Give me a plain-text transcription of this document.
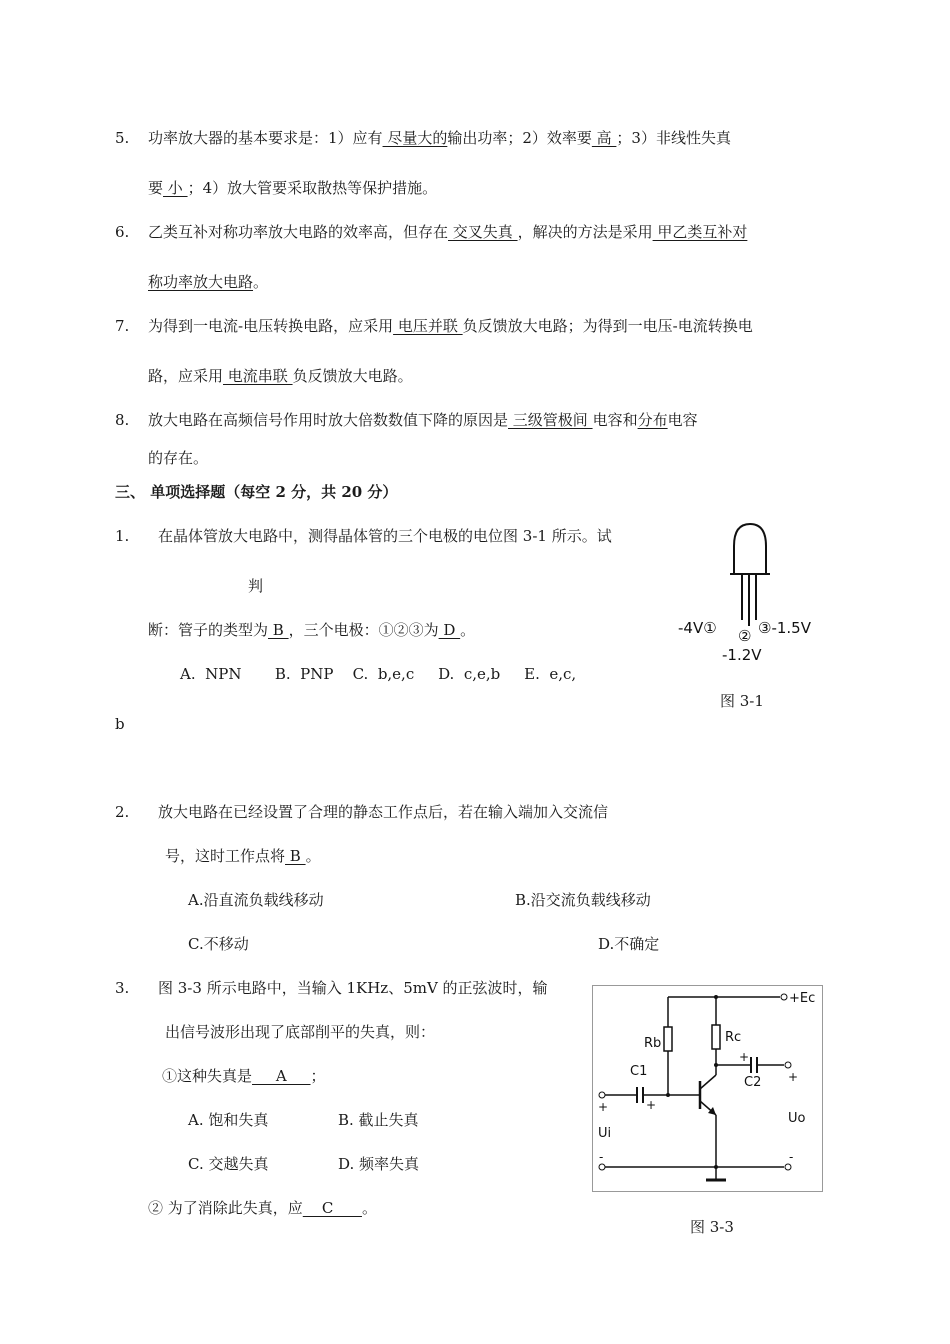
5. 功率放大器的基本要求是：1）应有 尽量大的输出功率；2）效率要 高 ；3）非线性失真
要 小 ；4）放大管要采取散热等保护措施。
6. 乙类互补对称功率放大电路的效率高，但存在 交叉失真 ，解决的方法是采用 甲乙类互补对
称功率放大电路。
7. 为得到一电流-电压转换电路，应采用 电压并联 负反馈放大电路；为得到一电压-电流转换电
路，应采用 电流串联 负反馈放大电路。
8. 放大电路在高频信号作用时放大倍数数值下降的原因是 三级管极间 电容和分布电容
的存在。
三、 单项选择题（每空 2 分，共 20 分）
1. 在晶体管放大电路中，测得晶体管的三个电极的电位图 3-1 所示。试
判
断：管子的类型为 B ，三个电极：①②③为 D 。
A.  NPN       B.  PNP    C.  b,e,c     D.  c,e,b     E.  e,c,
b
-4V① ② ③-1.5V
-1.2V
图 3-1
2. 放大电路在已经设置了合理的静态工作点后，若在输入端加入交流信
号，这时工作点将 B 。
A.沿直流负载线移动	B.沿交流负载线移动
C.不移动	D.不确定
3. 图 3-3 所示电路中，当输入 1KHz、5mV 的正弦波时，输
出信号波形出现了底部削平的失真，则：
①这种失真是     A     ；
A. 饱和失真	B. 截止失真
C. 交越失真	D. 频率失真
② 为了消除此失真，应    C      。
+Ec
Rb	Rc
C2
+
+
C1
+
+
Ui
Uo
-	-
图 3-3
